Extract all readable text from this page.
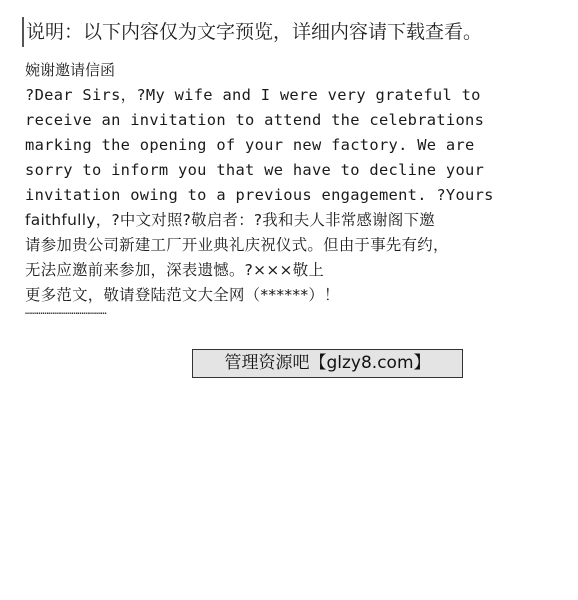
说明：以下内容仅为文字预览，详细内容请下载查看。
婉谢邀请信函
?Dear Sirs，?My wife and I were very grateful to
receive an invitation to attend the celebrations
marking the opening of your new factory. We are
sorry to inform you that we have to decline your
invitation owing to a previous engagement. ?Yours
faithfully，?中文对照?敬启者：?我和夫人非常感谢阁下邀
请参加贵公司新建工厂开业典礼庆祝仪式。但由于事先有约，
无法应邀前来参加，深表遗憾。?×××敬上
更多范文，敬请登陆范文大全网（******）！
……………………………………
管理资源吧【glzy8.com】
